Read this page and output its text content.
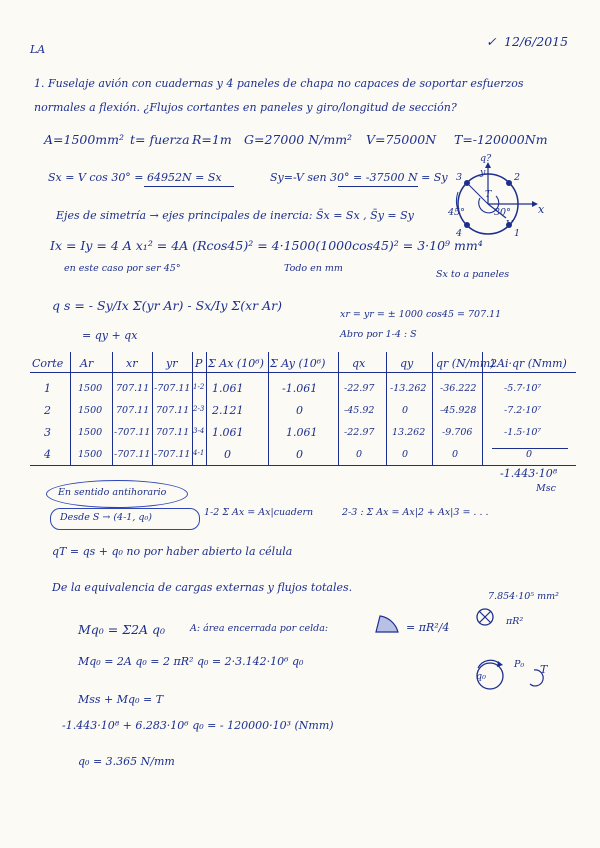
LA
✓ 12/6/2015
1. Fuselaje avión con cuadernas y 4 paneles de chapa no capaces de soportar esfuerzos
normales a flexión. ¿Flujos cortantes en paneles y giro/longitud de sección?
A=1500mm² t= fuerza R=1m G=27000 N/mm² V=75000N T=-120000Nm
Sx = V cos 30° = 64952N = Sx	Sy=-V sen 30° = -37500 N = Sy
q?
3	2
4	1
x
y
T
V
45°	30°
Ejes de simetría → ejes principales de inercia: S̄x = Sx , S̄y = Sy
Ix = Iy = 4 A x₁² = 4A (Rcos45)² = 4·1500(1000cos45)² = 3·10⁹ mm⁴
en este caso por ser 45°	Todo en mm
Sx to a paneles
q s = - Sy/Ix Σ(yr Ar) - Sx/Iy Σ(xr Ar)
= qy + qx
xr = yr = ± 1000 cos45 = 707.11
Abro por 1-4 : S
Corte Ar	xr	yr P Σ Ax (10⁶) Σ Ay (10⁶) qx	qy qr (N/mm)
2Ai·qr (Nmm)
1	1500 707.11 -707.11 1-2 1.061	-1.061	-22.97 -13.262 -36.222	-5.7·10⁷
2	1500 707.11 707.11 2-3 2.121	0	-45.92	0	-45.928	-7.2·10⁷
3	1500 -707.11 707.11 3-4 1.061	1.061	-22.97 13.262 -9.706	-1.5·10⁷
4	1500 -707.11 -707.11 4-1 0	0	0	0	0	0
-1.443·10⁸
Msc
En sentido antihorario
Desde S → (4-1, q₀)	1-2 Σ Ax = Ax|cuadern	2-3 : Σ Ax = Ax|2 + Ax|3 = . . .
qT = qs + q₀ no por haber abierto la célula
De la equivalencia de cargas externas y flujos totales.
Mq₀ = Σ2A q₀	A: área encerrada por celda:	= πR²/4
7.854·10⁵ mm²
πR²
Mq₀ = 2A q₀ = 2 πR² q₀ = 2·3.142·10⁶ q₀
q₀
P₀ T
Mss + Mq₀ = T
-1.443·10⁸ + 6.283·10⁶ q₀ = - 120000·10³ (Nmm)
q₀ = 3.365 N/mm
